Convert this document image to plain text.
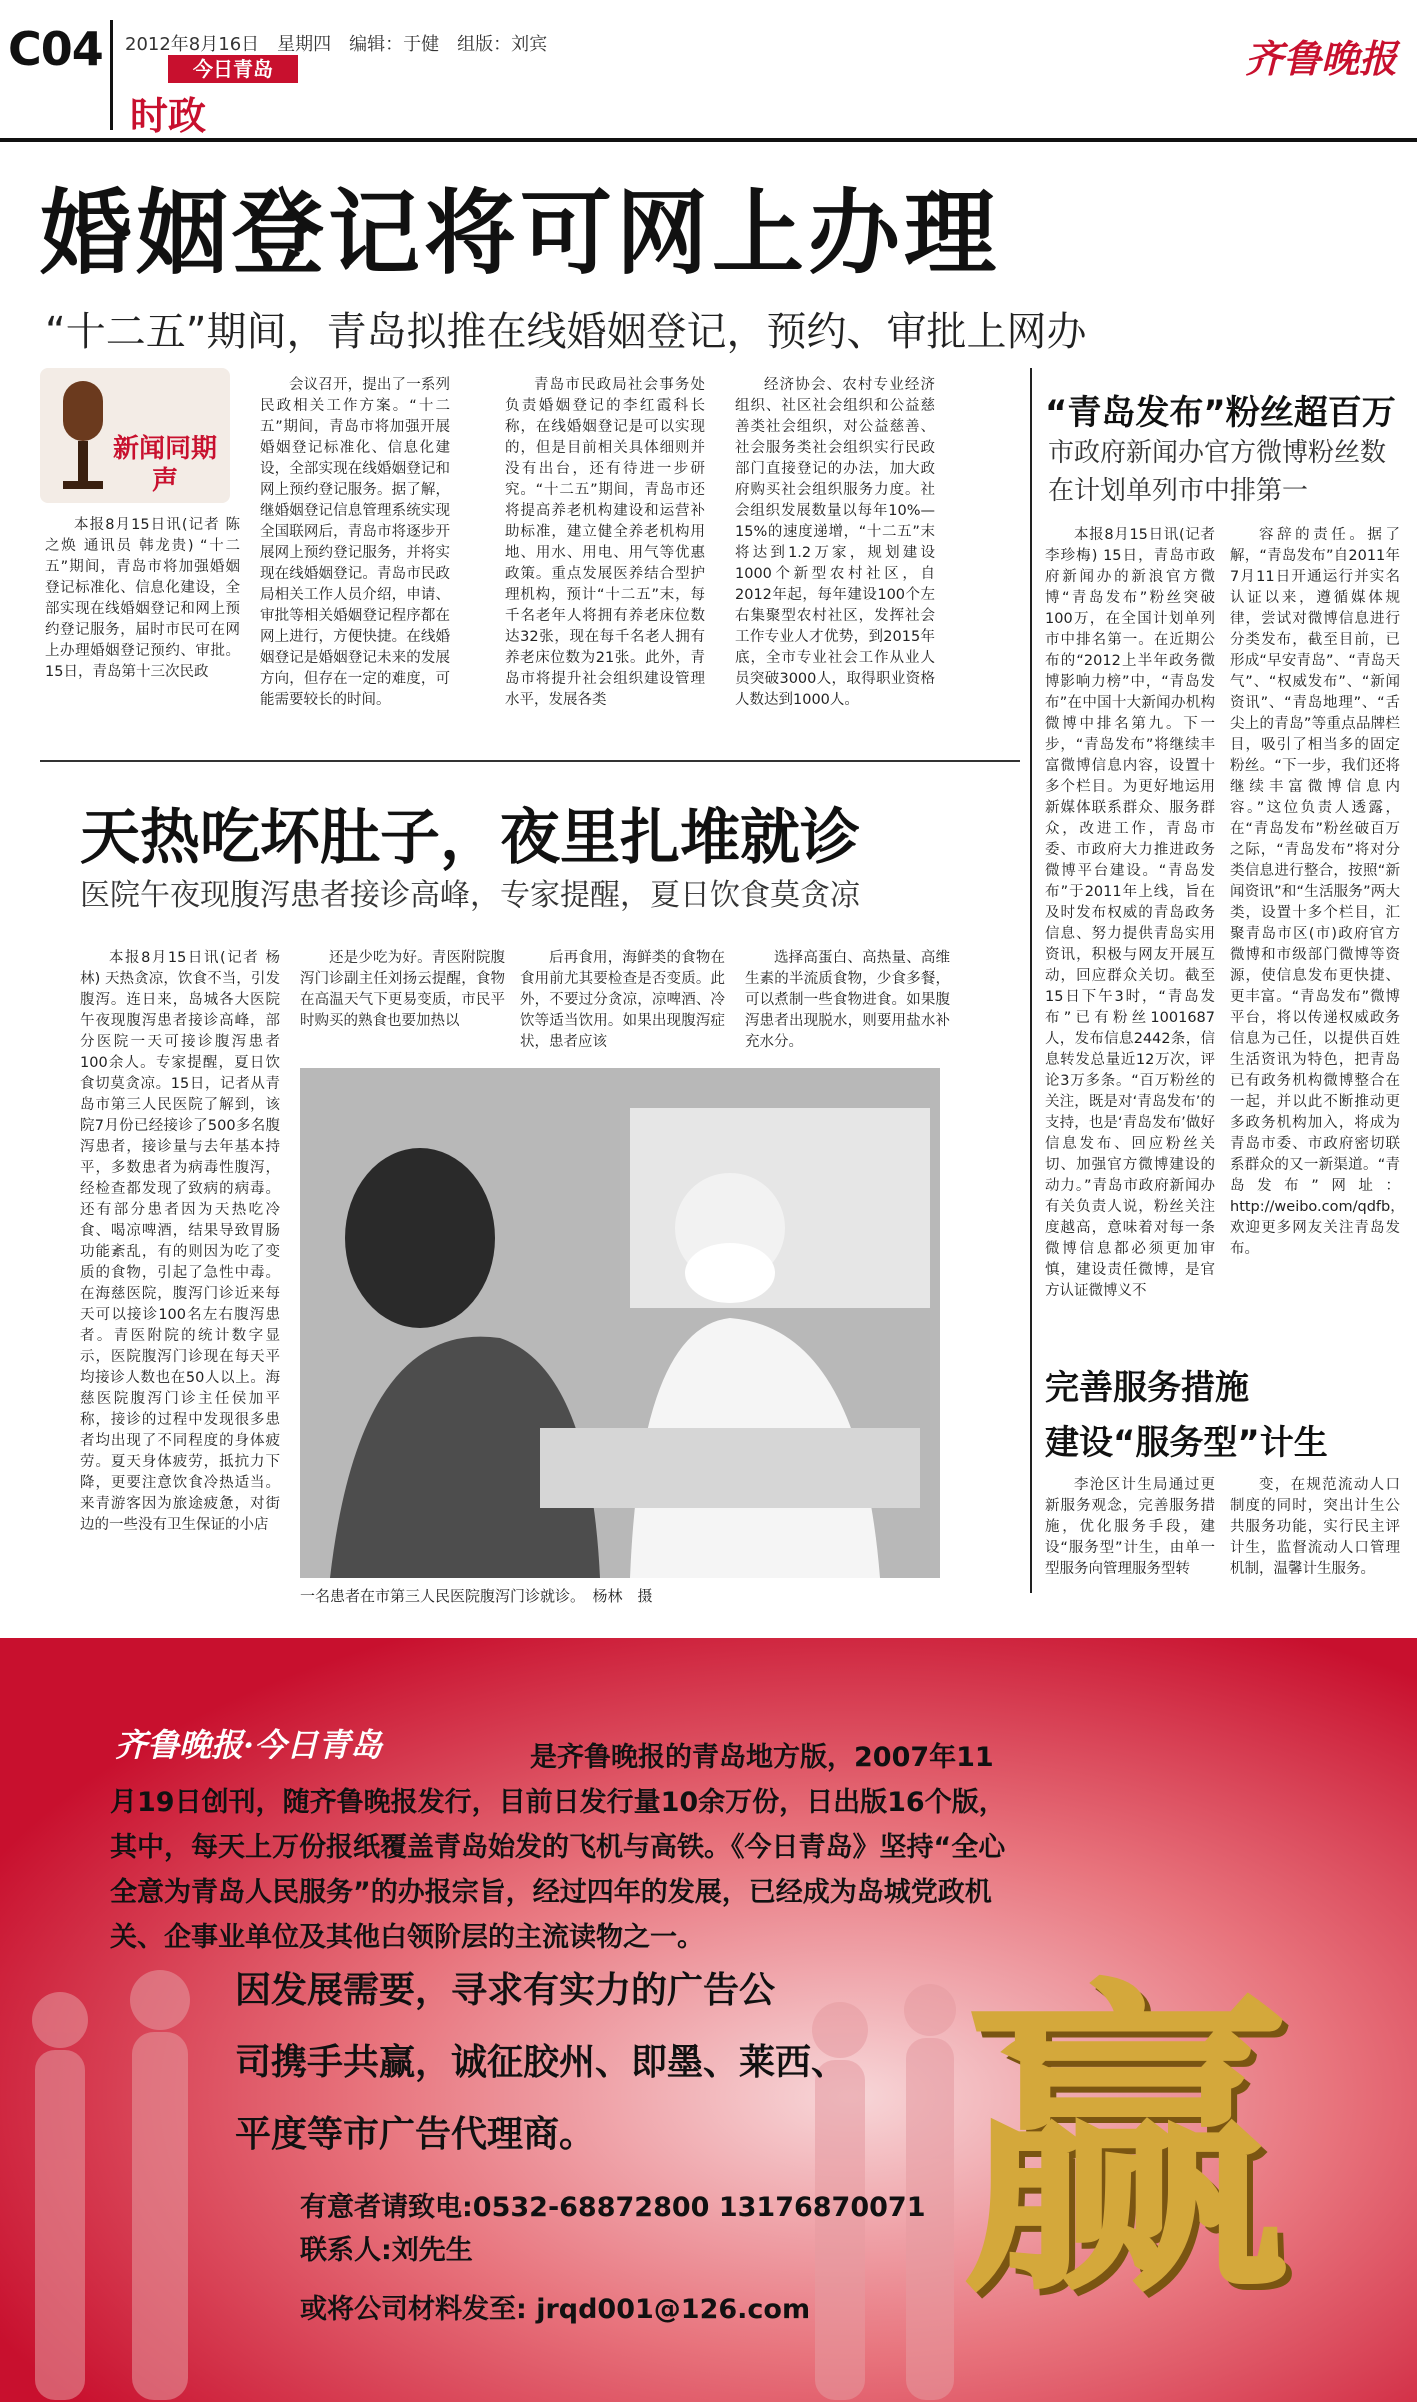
C04 2012年8月16日　星期四　编辑：于健　组版：刘宾
今日青岛
时政
齐鲁晚报
婚姻登记将可网上办理
“十二五”期间，青岛拟推在线婚姻登记，预约、审批上网办
新闻同期声

本报8月15日讯(记者 陈之焕 通讯员 韩龙贵) “十二五”期间，青岛市将加强婚姻登记标准化、信息化建设，全部实现在线婚姻登记和网上预约登记服务，届时市民可在网上办理婚姻登记预约、审批。15日，青岛第十三次民政

会议召开，提出了一系列民政相关工作方案。“十二五”期间，青岛市将加强开展婚姻登记标准化、信息化建设，全部实现在线婚姻登记和网上预约登记服务。据了解，继婚姻登记信息管理系统实现全国联网后，青岛市将逐步开展网上预约登记服务，并将实现在线婚姻登记。青岛市民政局相关工作人员介绍，申请、审批等相关婚姻登记程序都在网上进行，方便快捷。在线婚姻登记是婚姻登记未来的发展方向，但存在一定的难度，可能需要较长的时间。

青岛市民政局社会事务处负责婚姻登记的李红霞科长称，在线婚姻登记是可以实现的，但是目前相关具体细则并没有出台，还有待进一步研究。“十二五”期间，青岛市还将提高养老机构建设和运营补助标准，建立健全养老机构用地、用水、用电、用气等优惠政策。重点发展医养结合型护理机构，预计“十二五”末，每千名老年人将拥有养老床位数达32张，现在每千名老人拥有养老床位数为21张。此外，青岛市将提升社会组织建设管理水平，发展各类

经济协会、农村专业经济组织、社区社会组织和公益慈善类社会组织，对公益慈善、社会服务类社会组织实行民政部门直接登记的办法，加大政府购买社会组织服务力度。社会组织发展数量以每年10%—15%的速度递增，“十二五”末将达到1.2万家，规划建设1000个新型农村社区，自2012年起，每年建设100个左右集聚型农村社区，发挥社会工作专业人才优势，到2015年底，全市专业社会工作从业人员突破3000人，取得职业资格人数达到1000人。

“青岛发布”粉丝超百万
市政府新闻办官方微博粉丝数
在计划单列市中排第一

本报8月15日讯(记者 李珍梅) 15日，青岛市政府新闻办的新浪官方微博“青岛发布”粉丝突破100万，在全国计划单列市中排名第一。在近期公布的“2012上半年政务微博影响力榜”中，“青岛发布”在中国十大新闻办机构微博中排名第九。下一步，“青岛发布”将继续丰富微博信息内容，设置十多个栏目。为更好地运用新媒体联系群众、服务群众，改进工作，青岛市委、市政府大力推进政务微博平台建设。“青岛发布”于2011年上线，旨在及时发布权威的青岛政务信息、努力提供青岛实用资讯，积极与网友开展互动，回应群众关切。截至15日下午3时，“青岛发布”已有粉丝1001687人，发布信息2442条，信息转发总量近12万次，评论3万多条。“百万粉丝的关注，既是对‘青岛发布’的支持，也是‘青岛发布’做好信息发布、回应粉丝关切、加强官方微博建设的动力。”青岛市政府新闻办有关负责人说，粉丝关注度越高，意味着对每一条微博信息都必须更加审慎，建设责任微博，是官方认证微博义不

容辞的责任。据了解，“青岛发布”自2011年7月11日开通运行并实名认证以来，遵循媒体规律，尝试对微博信息进行分类发布，截至目前，已形成“早安青岛”、“青岛天气”、“权威发布”、“新闻资讯”、“青岛地理”、“舌尖上的青岛”等重点品牌栏目，吸引了相当多的固定粉丝。“下一步，我们还将继续丰富微博信息内容。”这位负责人透露，在“青岛发布”粉丝破百万之际，“青岛发布”将对分类信息进行整合，按照“新闻资讯”和“生活服务”两大类，设置十多个栏目，汇聚青岛市区(市)政府官方微博和市级部门微博等资源，使信息发布更快捷、更丰富。“青岛发布”微博平台，将以传递权威政务信息为己任，以提供百姓生活资讯为特色，把青岛已有政务机构微博整合在一起，并以此不断推动更多政务机构加入，将成为青岛市委、市政府密切联系群众的又一新渠道。“青岛发布”网址：http://weibo.com/qdfb，欢迎更多网友关注青岛发布。

完善服务措施
建设“服务型”计生

李沧区计生局通过更新服务观念，完善服务措施，优化服务手段，建设“服务型”计生，由单一型服务向管理服务型转

变，在规范流动人口制度的同时，突出计生公共服务功能，实行民主评计生，监督流动人口管理机制，温馨计生服务。

天热吃坏肚子，夜里扎堆就诊
医院午夜现腹泻患者接诊高峰，专家提醒，夏日饮食莫贪凉

本报8月15日讯(记者 杨林) 天热贪凉，饮食不当，引发腹泻。连日来，岛城各大医院午夜现腹泻患者接诊高峰，部分医院一天可接诊腹泻患者100余人。专家提醒，夏日饮食切莫贪凉。15日，记者从青岛市第三人民医院了解到，该院7月份已经接诊了500多名腹泻患者，接诊量与去年基本持平，多数患者为病毒性腹泻，经检查都发现了致病的病毒。还有部分患者因为天热吃冷食、喝凉啤酒，结果导致胃肠功能紊乱，有的则因为吃了变质的食物，引起了急性中毒。在海慈医院，腹泻门诊近来每天可以接诊100名左右腹泻患者。青医附院的统计数字显示，医院腹泻门诊现在每天平均接诊人数也在50人以上。海慈医院腹泻门诊主任侯加平称，接诊的过程中发现很多患者均出现了不同程度的身体疲劳。夏天身体疲劳，抵抗力下降，更要注意饮食冷热适当。来青游客因为旅途疲惫，对街边的一些没有卫生保证的小店

还是少吃为好。青医附院腹泻门诊副主任刘扬云提醒，食物在高温天气下更易变质，市民平时购买的熟食也要加热以

后再食用，海鲜类的食物在食用前尤其要检查是否变质。此外，不要过分贪凉，凉啤酒、冷饮等适当饮用。如果出现腹泻症状，患者应该

选择高蛋白、高热量、高维生素的半流质食物，少食多餐，可以煮制一些食物进食。如果腹泻患者出现脱水，则要用盐水补充水分。

一名患者在市第三人民医院腹泻门诊就诊。　杨林　摄
齐鲁晚报·今日青岛	是齐鲁晚报的青岛地方版，2007年11月19日创刊，随齐鲁晚报发行，目前日发行量10余万份，日出版16个版，其中，每天上万份报纸覆盖青岛始发的飞机与高铁。《今日青岛》坚持“全心全意为青岛人民服务”的办报宗旨，经过四年的发展，已经成为岛城党政机关、企事业单位及其他白领阶层的主流读物之一。
因发展需要，寻求有实力的广告公
司携手共赢，诚征胶州、即墨、莱西、
平度等市广告代理商。	赢
有意者请致电:0532-68872800 13176870071
联系人:刘先生
或将公司材料发至: jrqd001@126.com
